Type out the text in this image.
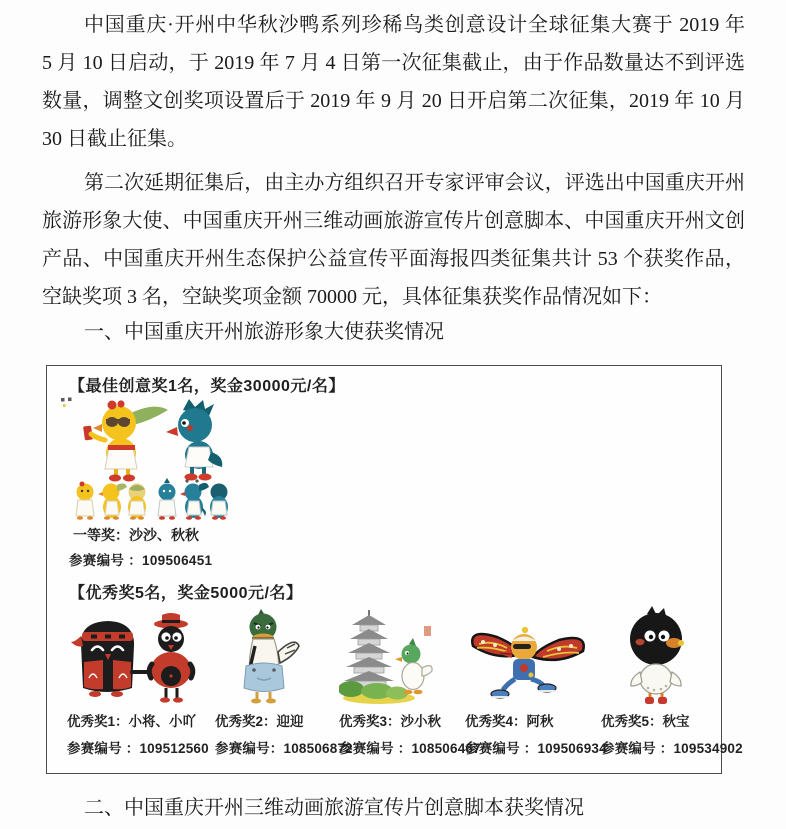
中国重庆·开州中华秋沙鸭系列珍稀鸟类创意设计全球征集大赛于 2019 年
5 月 10 日启动，于 2019 年 7 月 4 日第一次征集截止，由于作品数量达不到评选
数量，调整文创奖项设置后于 2019 年 9 月 20 日开启第二次征集，2019 年 10 月
30 日截止征集。
第二次延期征集后，由主办方组织召开专家评审会议，评选出中国重庆开州
旅游形象大使、中国重庆开州三维动画旅游宣传片创意脚本、中国重庆开州文创
产品、中国重庆开州生态保护公益宣传平面海报四类征集共计 53 个获奖作品，
空缺奖项 3 名，空缺奖项金额 70000 元，具体征集获奖作品情况如下：
一、中国重庆开州旅游形象大使获奖情况
【最佳创意奖1名，奖金30000元/名】
一等奖：沙沙、秋秋
参赛编号 ：109506451
【优秀奖5名，奖金5000元/名】
优秀奖1：小将、小吖
参赛编号 ：109512560
优秀奖2：迎迎
参赛编号：108506872
优秀奖3：沙小秋
参赛编号 ：108506467
优秀奖4：阿秋
参赛编号 ：109506934
优秀奖5：秋宝
参赛编号 ：109534902
二、中国重庆开州三维动画旅游宣传片创意脚本获奖情况
